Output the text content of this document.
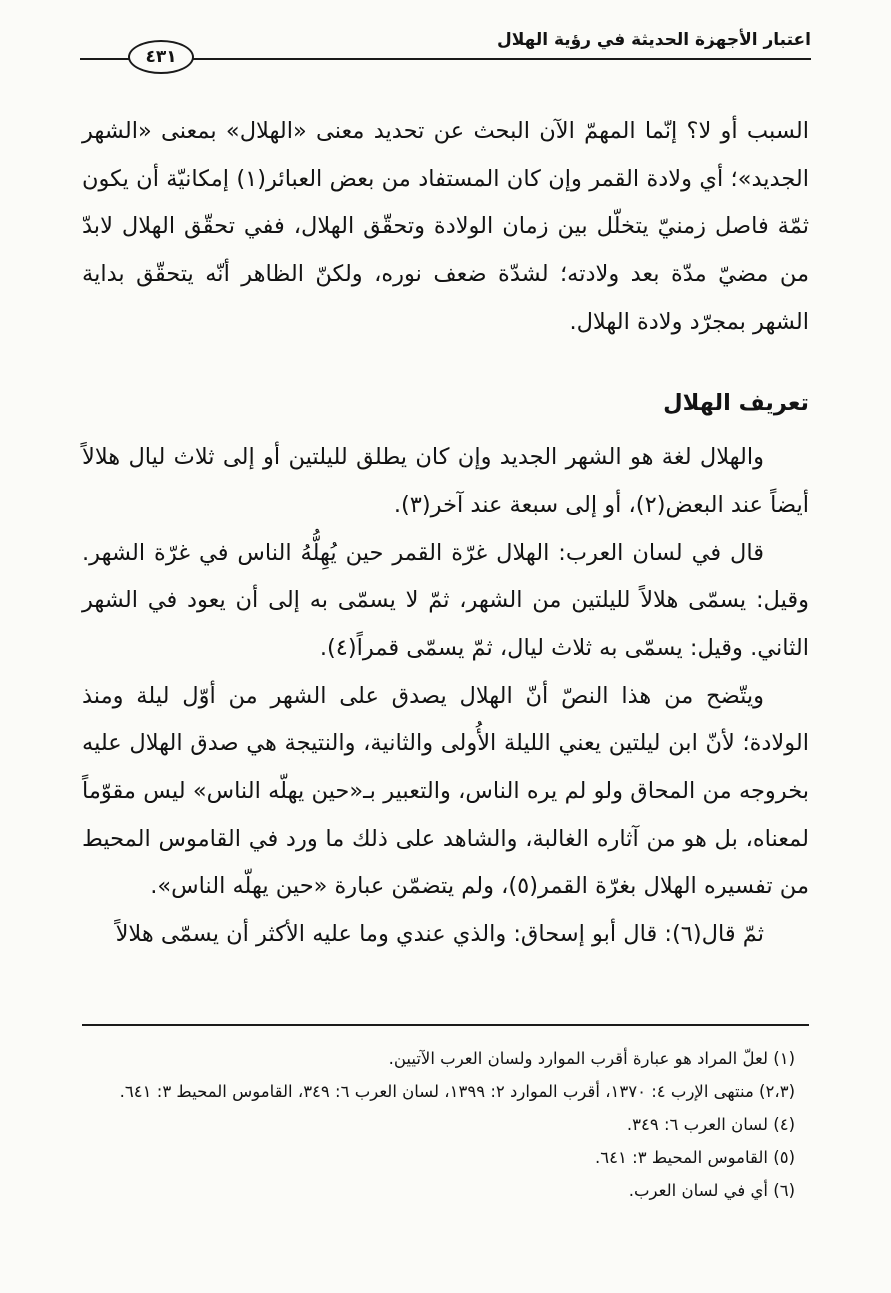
اعتبار الأجهزة الحديثة في رؤية الهلال
٤٣١

السبب أو لا؟ إنّما المهمّ الآن البحث عن تحديد معنى «الهلال» بمعنى «الشهر الجديد»؛ أي ولادة القمر وإن كان المستفاد من بعض العبائر(١) إمكانيّة أن يكون ثمّة فاصل زمنيّ يتخلّل بين زمان الولادة وتحقّق الهلال، ففي تحقّق الهلال لابدّ من مضيّ مدّة بعد ولادته؛ لشدّة ضعف نوره، ولكنّ الظاهر أنّه يتحقّق بداية الشهر بمجرّد ولادة الهلال.

تعريف الهلال

والهلال لغة هو الشهر الجديد وإن كان يطلق لليلتين أو إلى ثلاث ليال هلالاً أيضاً عند البعض(٢)، أو إلى سبعة عند آخر(٣).

قال في لسان العرب: الهلال غرّة القمر حين يُهِلُّهُ الناس في غرّة الشهر. وقيل: يسمّى هلالاً لليلتين من الشهر، ثمّ لا يسمّى به إلى أن يعود في الشهر الثاني. وقيل: يسمّى به ثلاث ليال، ثمّ يسمّى قمراً(٤).

ويتّضح من هذا النصّ أنّ الهلال يصدق على الشهر من أوّل ليلة ومنذ الولادة؛ لأنّ ابن ليلتين يعني الليلة الأُولى والثانية، والنتيجة هي صدق الهلال عليه بخروجه من المحاق ولو لم يره الناس، والتعبير بـ«حين يهلّه الناس» ليس مقوّماً لمعناه، بل هو من آثاره الغالبة، والشاهد على ذلك ما ورد في القاموس المحيط من تفسيره الهلال بغرّة القمر(٥)، ولم يتضمّن عبارة «حين يهلّه الناس».

ثمّ قال(٦): قال أبو إسحاق: والذي عندي وما عليه الأكثر أن يسمّى هلالاً

(١) لعلّ المراد هو عبارة أقرب الموارد ولسان العرب الآتيين.
(٢،٣) منتهى الإرب ٤: ١٣٧٠، أقرب الموارد ٢: ١٣٩٩، لسان العرب ٦: ٣٤٩، القاموس المحيط ٣: ٦٤١.
(٤) لسان العرب ٦: ٣٤٩.
(٥) القاموس المحيط ٣: ٦٤١.
(٦) أي في لسان العرب.
